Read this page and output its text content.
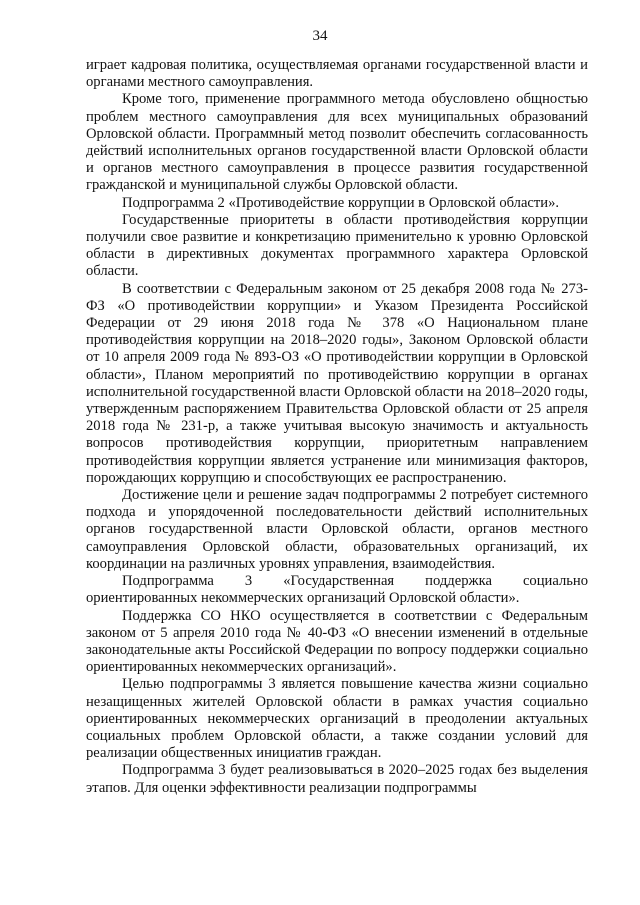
34

играет кадровая политика, осуществляемая органами государственной власти и органами местного самоуправления.

Кроме того, применение программного метода обусловлено общностью проблем местного самоуправления для всех муниципальных образований Орловской области. Программный метод позволит обеспечить согласованность действий исполнительных органов государственной власти Орловской области и органов местного самоуправления в процессе развития государственной гражданской и муниципальной службы Орловской области.

Подпрограмма 2 «Противодействие коррупции в Орловской области».

Государственные приоритеты в области противодействия коррупции получили свое развитие и конкретизацию применительно к уровню Орловской области в директивных документах программного характера Орловской области.

В соответствии с Федеральным законом от 25 декабря 2008 года № 273-ФЗ «О противодействии коррупции» и Указом Президента Российской Федерации от 29 июня 2018 года № 378 «О Национальном плане противодействия коррупции на 2018–2020 годы», Законом Орловской области от 10 апреля 2009 года № 893-ОЗ «О противодействии коррупции в Орловской области», Планом мероприятий по противодействию коррупции в органах исполнительной государственной власти Орловской области на 2018–2020 годы, утвержденным распоряжением Правительства Орловской области от 25 апреля 2018 года № 231-р, а также учитывая высокую значимость и актуальность вопросов противодействия коррупции, приоритетным направлением противодействия коррупции является устранение или минимизация факторов, порождающих коррупцию и способствующих ее распространению.

Достижение цели и решение задач подпрограммы 2 потребует системного подхода и упорядоченной последовательности действий исполнительных органов государственной власти Орловской области, органов местного самоуправления Орловской области, образовательных организаций, их координации на различных уровнях управления, взаимодействия.

Подпрограмма 3 «Государственная поддержка социально ориентированных некоммерческих организаций Орловской области».

Поддержка СО НКО осуществляется в соответствии с Федеральным законом от 5 апреля 2010 года № 40-ФЗ «О внесении изменений в отдельные законодательные акты Российской Федерации по вопросу поддержки социально ориентированных некоммерческих организаций».

Целью подпрограммы 3 является повышение качества жизни социально незащищенных жителей Орловской области в рамках участия социально ориентированных некоммерческих организаций в преодолении актуальных социальных проблем Орловской области, а также создании условий для реализации общественных инициатив граждан.

Подпрограмма 3 будет реализовываться в 2020–2025 годах без выделения этапов. Для оценки эффективности реализации подпрограммы
